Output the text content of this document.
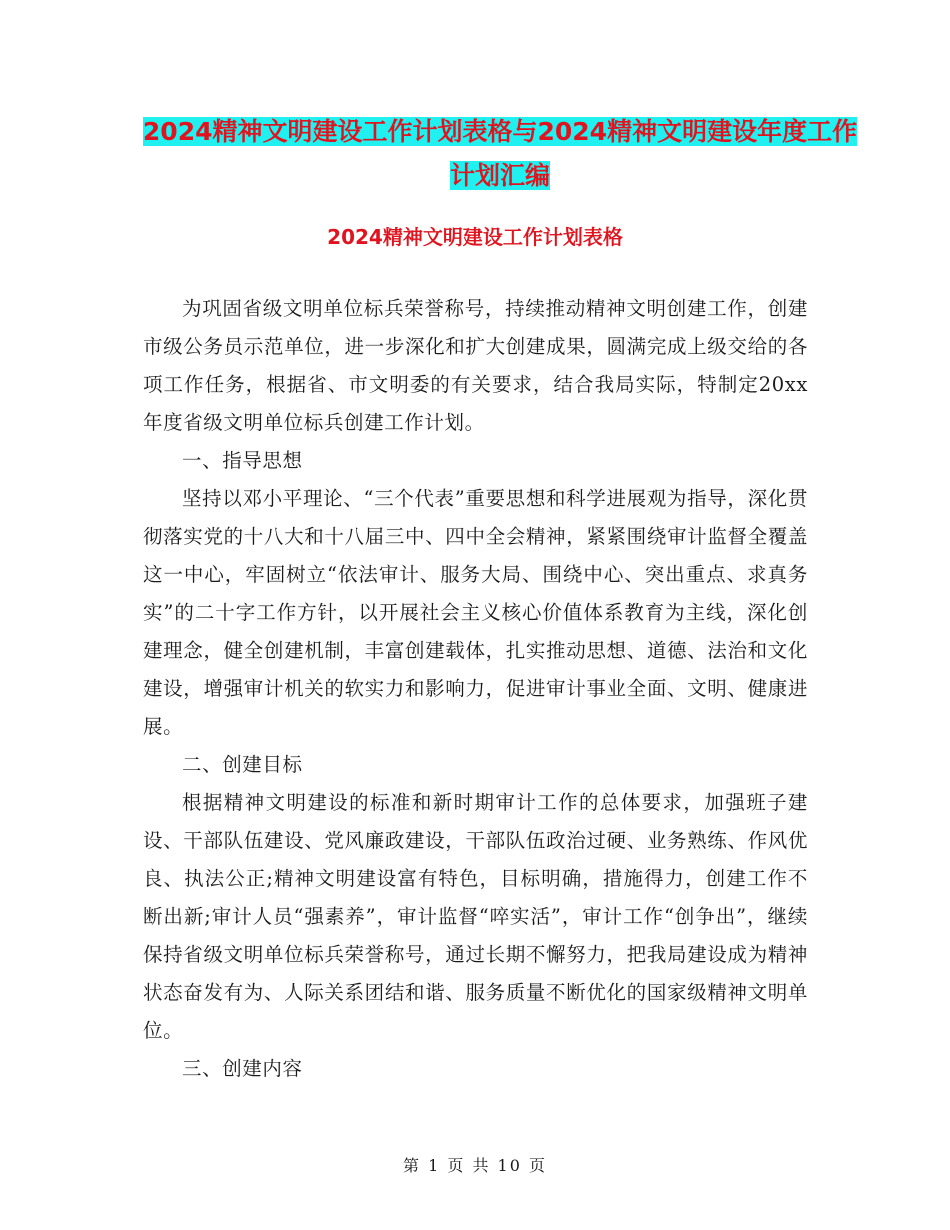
2024精神文明建设工作计划表格与2024精神文明建设年度工作计划汇编
2024精神文明建设工作计划表格

为巩固省级文明单位标兵荣誉称号，持续推动精神文明创建工作，创建市级公务员示范单位，进一步深化和扩大创建成果，圆满完成上级交给的各项工作任务，根据省、市文明委的有关要求，结合我局实际，特制定20xx年度省级文明单位标兵创建工作计划。

一、指导思想

坚持以邓小平理论、“三个代表”重要思想和科学进展观为指导，深化贯彻落实党的十八大和十八届三中、四中全会精神，紧紧围绕审计监督全覆盖这一中心，牢固树立“依法审计、服务大局、围绕中心、突出重点、求真务实”的二十字工作方针，以开展社会主义核心价值体系教育为主线，深化创建理念，健全创建机制，丰富创建载体，扎实推动思想、道德、法治和文化建设，增强审计机关的软实力和影响力，促进审计事业全面、文明、健康进展。

二、创建目标

根据精神文明建设的标准和新时期审计工作的总体要求，加强班子建设、干部队伍建设、党风廉政建设，干部队伍政治过硬、业务熟练、作风优良、执法公正;精神文明建设富有特色，目标明确，措施得力，创建工作不断出新;审计人员“强素养”，审计监督“啐实活”，审计工作“创争出”，继续保持省级文明单位标兵荣誉称号，通过长期不懈努力，把我局建设成为精神状态奋发有为、人际关系团结和谐、服务质量不断优化的国家级精神文明单位。

三、创建内容

第 1 页 共 10 页
